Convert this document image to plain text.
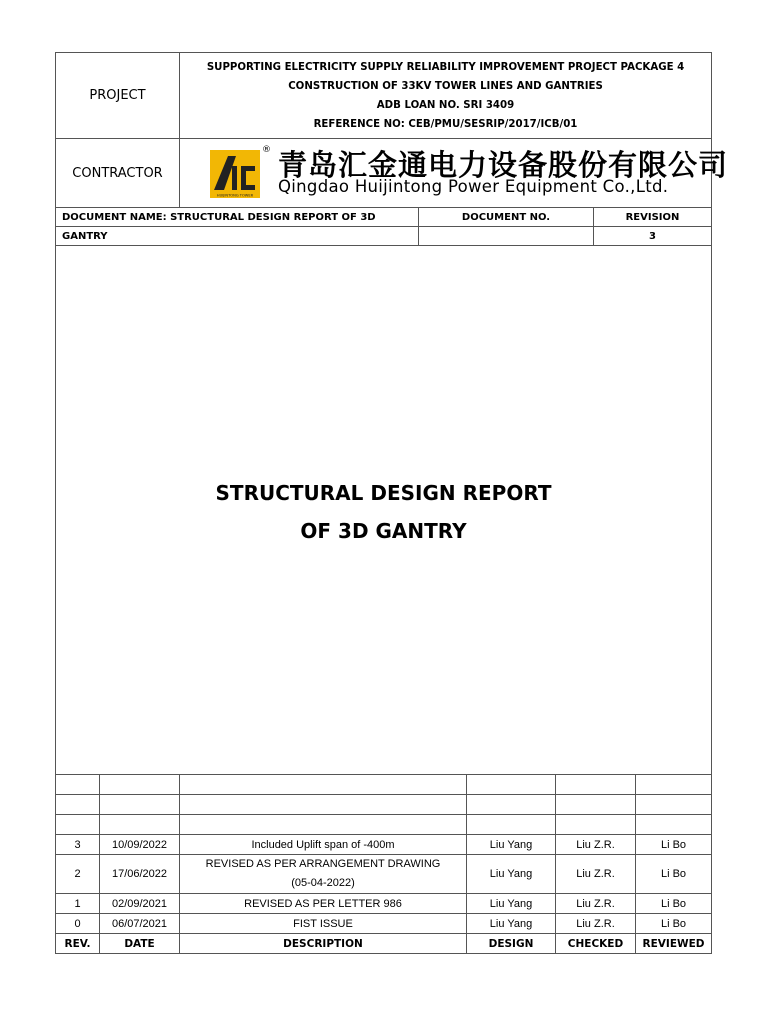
PROJECT	SUPPORTING ELECTRICITY SUPPLY RELIABILITY IMPROVEMENT PROJECT PACKAGE 4
CONSTRUCTION OF 33KV TOWER LINES AND GANTRIES
ADB LOAN NO. SRI 3409
REFERENCE NO: CEB/PMU/SESRIP/2017/ICB/01

CONTRACTOR	HUIJINTONG TOWER
® 青岛汇金通电力设备股份有限公司
Qingdao Huijintong Power Equipment Co.,Ltd.
DOCUMENT NAME: STRUCTURAL DESIGN REPORT OF 3D	DOCUMENT NO.	REVISION
GANTRY		3
STRUCTURAL DESIGN REPORT
OF 3D GANTRY

3	10/09/2022	Included Uplift span of -400m	Liu Yang	Liu Z.R.	Li Bo
2	17/06/2022	REVISED AS PER ARRANGEMENT DRAWING
(05-04-2022)	Liu Yang	Liu Z.R.	Li Bo
1	02/09/2021	REVISED AS PER LETTER 986	Liu Yang	Liu Z.R.	Li Bo
0	06/07/2021	FIST ISSUE	Liu Yang	Liu Z.R.	Li Bo
REV.	DATE	DESCRIPTION	DESIGN	CHECKED	REVIEWED
